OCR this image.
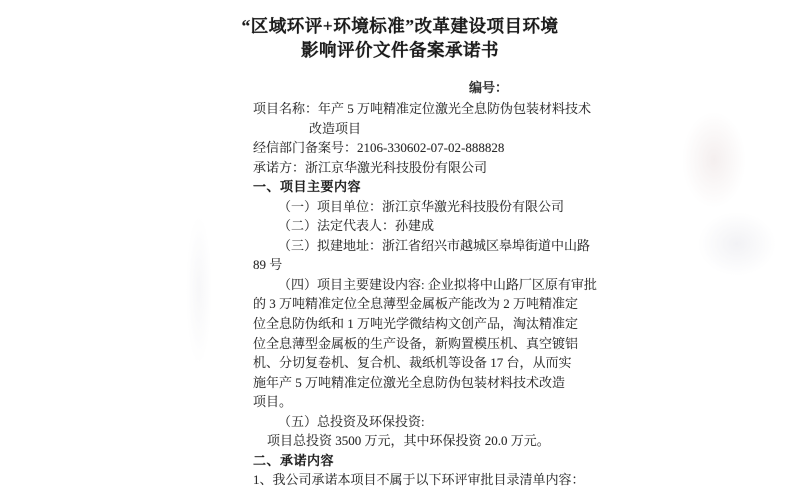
“区域环评+环境标准”改革建设项目环境
影响评价文件备案承诺书
编号：

项目名称：年产 5 万吨精准定位激光全息防伪包装材料技术

改造项目

经信部门备案号：2106-330602-07-02-888828

承诺方：浙江京华激光科技股份有限公司

一、项目主要内容

（一）项目单位：浙江京华激光科技股份有限公司

（二）法定代表人：孙建成

（三）拟建地址：浙江省绍兴市越城区皋埠街道中山路

89 号

（四）项目主要建设内容: 企业拟将中山路厂区原有审批

的 3 万吨精准定位全息薄型金属板产能改为 2 万吨精准定

位全息防伪纸和 1 万吨光学微结构文创产品，淘汰精准定

位全息薄型金属板的生产设备，新购置模压机、真空镀铝

机、分切复卷机、复合机、裁纸机等设备 17 台，从而实

施年产 5 万吨精准定位激光全息防伪包装材料技术改造

项目。

（五）总投资及环保投资:

项目总投资 3500 万元，其中环保投资 20.0 万元。

二、承诺内容

1、我公司承诺本项目不属于以下环评审批目录清单内容：
